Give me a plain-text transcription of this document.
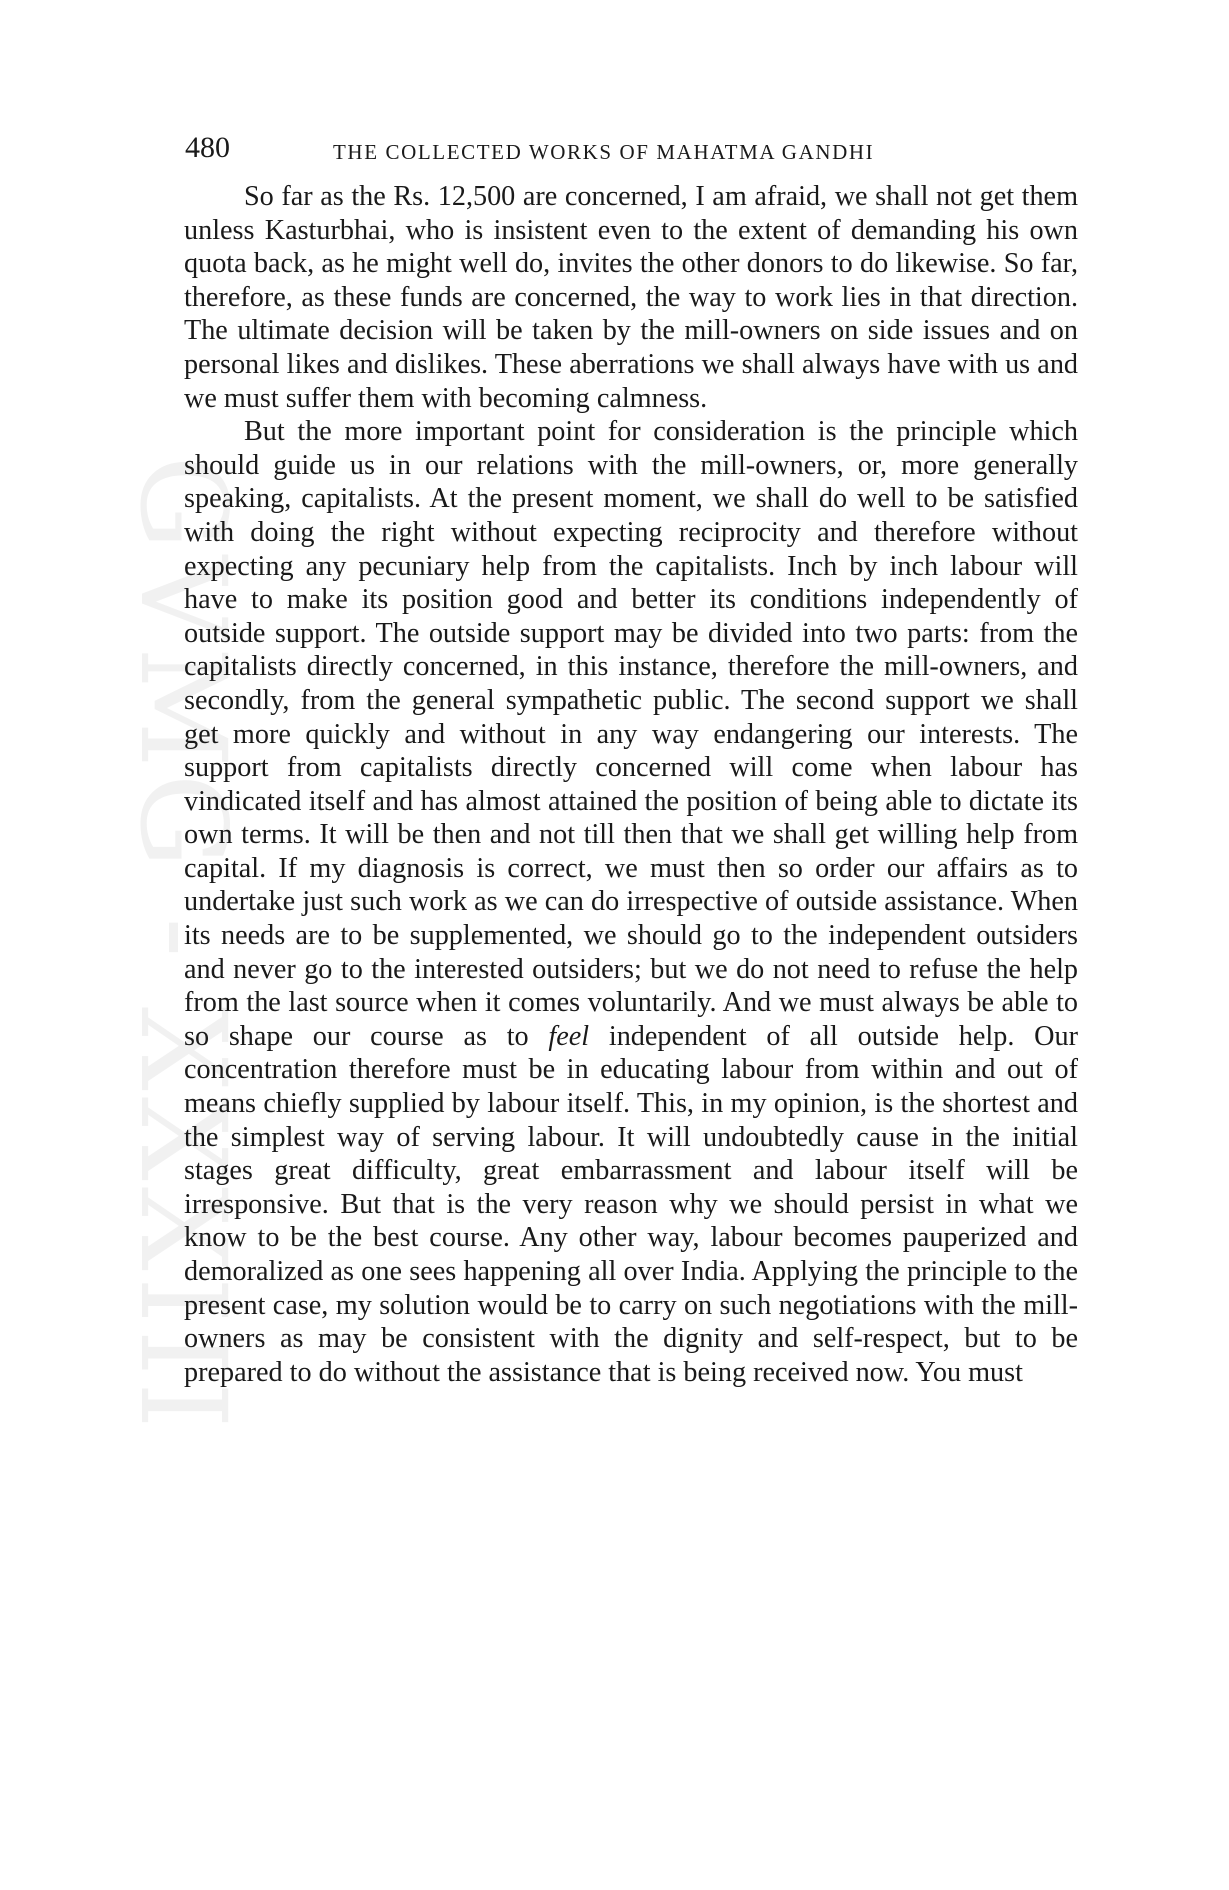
GVMG - XXXIII
480	THE COLLECTED WORKS OF MAHATMA GANDHI

So far as the Rs. 12,500 are concerned, I am afraid, we shall not get them unless Kasturbhai, who is insistent even to the extent of demanding his own quota back, as he might well do, invites the other donors to do likewise. So far, therefore, as these funds are concerned, the way to work lies in that direction. The ultimate decision will be taken by the mill-owners on side issues and on personal likes and dislikes. These aberrations we shall always have with us and we must suffer them with becoming calmness.

But the more important point for consideration is the principle which should guide us in our relations with the mill-owners, or, more generally speaking, capitalists. At the present moment, we shall do well to be satisfied with doing the right without expecting reciprocity and therefore without expecting any pecuniary help from the capitalists. Inch by inch labour will have to make its position good and better its conditions independently of outside support. The outside support may be divided into two parts: from the capitalists directly concerned, in this instance, therefore the mill-owners, and secondly, from the general sympathetic public. The second support we shall get more quickly and without in any way endangering our interests. The support from capitalists directly concerned will come when labour has vindicated itself and has almost attained the position of being able to dictate its own terms. It will be then and not till then that we shall get willing help from capital. If my diagnosis is correct, we must then so order our affairs as to undertake just such work as we can do irrespective of outside assistance. When its needs are to be supplemented, we should go to the independent outsiders and never go to the interested outsiders; but we do not need to refuse the help from the last source when it comes voluntarily. And we must always be able to so shape our course as to feel independent of all outside help. Our concentration therefore must be in educating labour from within and out of means chiefly supplied by labour itself. This, in my opinion, is the shortest and the simplest way of serving labour. It will undoubtedly cause in the initial stages great difficulty, great embarrassment and labour itself will be irresponsive. But that is the very reason why we should persist in what we know to be the best course. Any other way, labour becomes pauperized and demoralized as one sees happening all over India. Applying the principle to the present case, my solution would be to carry on such negotiations with the mill-owners as may be consistent with the dignity and self-respect, but to be prepared to do without the assistance that is being received now. You must
